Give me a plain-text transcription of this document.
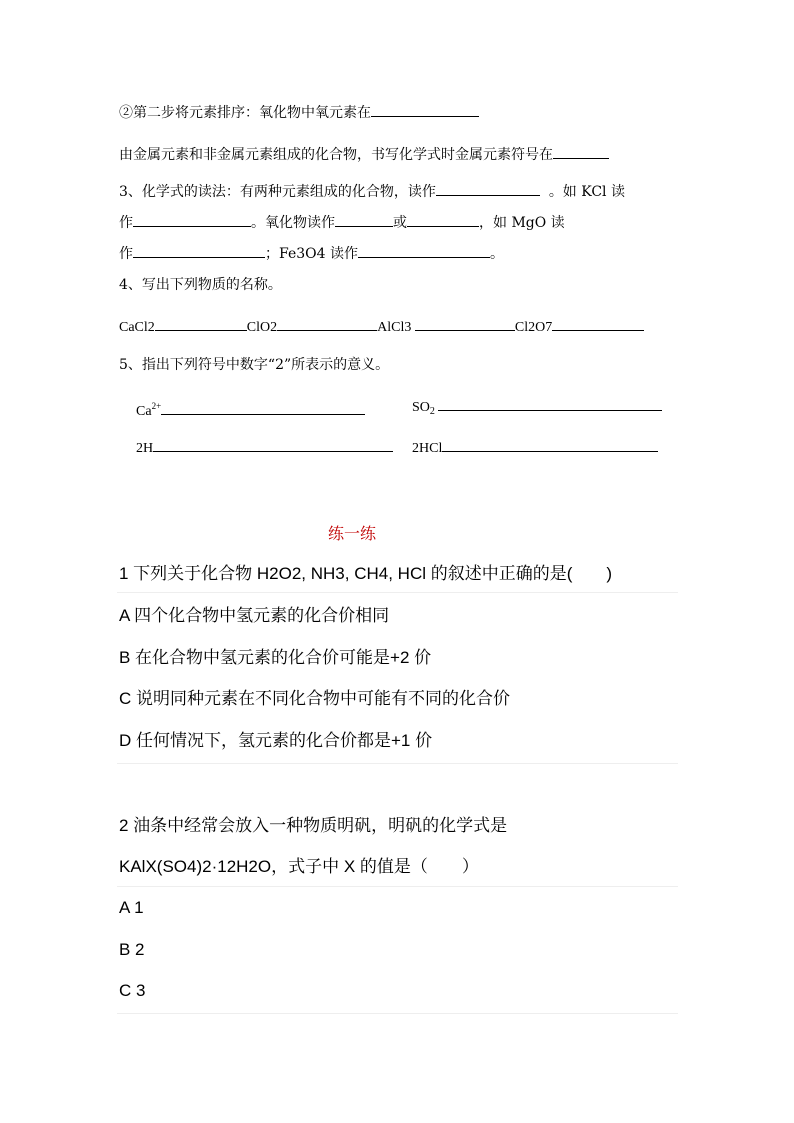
②第二步将元素排序：氧化物中氧元素在
由金属元素和非金属元素组成的化合物，书写化学式时金属元素符号在
3、化学式的读法：有两种元素组成的化合物，读作	。如 KCl 读
作	。氧化物读作	或	，如 MgO 读
作	；Fe3O4 读作	。
4、写出下列物质的名称。
CaCl2	ClO2	AlCl3	Cl2O7
5、指出下列符号中数字“2”所表示的意义。
$Ca^{2+}$	$SO_2$
2H	2HCl
练一练
1 下列关于化合物 H2O2, NH3, CH4, HCl 的叙述中正确的是(　　)
A 四个化合物中氢元素的化合价相同
B 在化合物中氢元素的化合价可能是+2 价
C 说明同种元素在不同化合物中可能有不同的化合价
D 任何情况下，氢元素的化合价都是+1 价
2 油条中经常会放入一种物质明矾，明矾的化学式是
KAlX(SO4)2·12H2O，式子中 X 的值是（　　）
A 1
B 2
C 3
